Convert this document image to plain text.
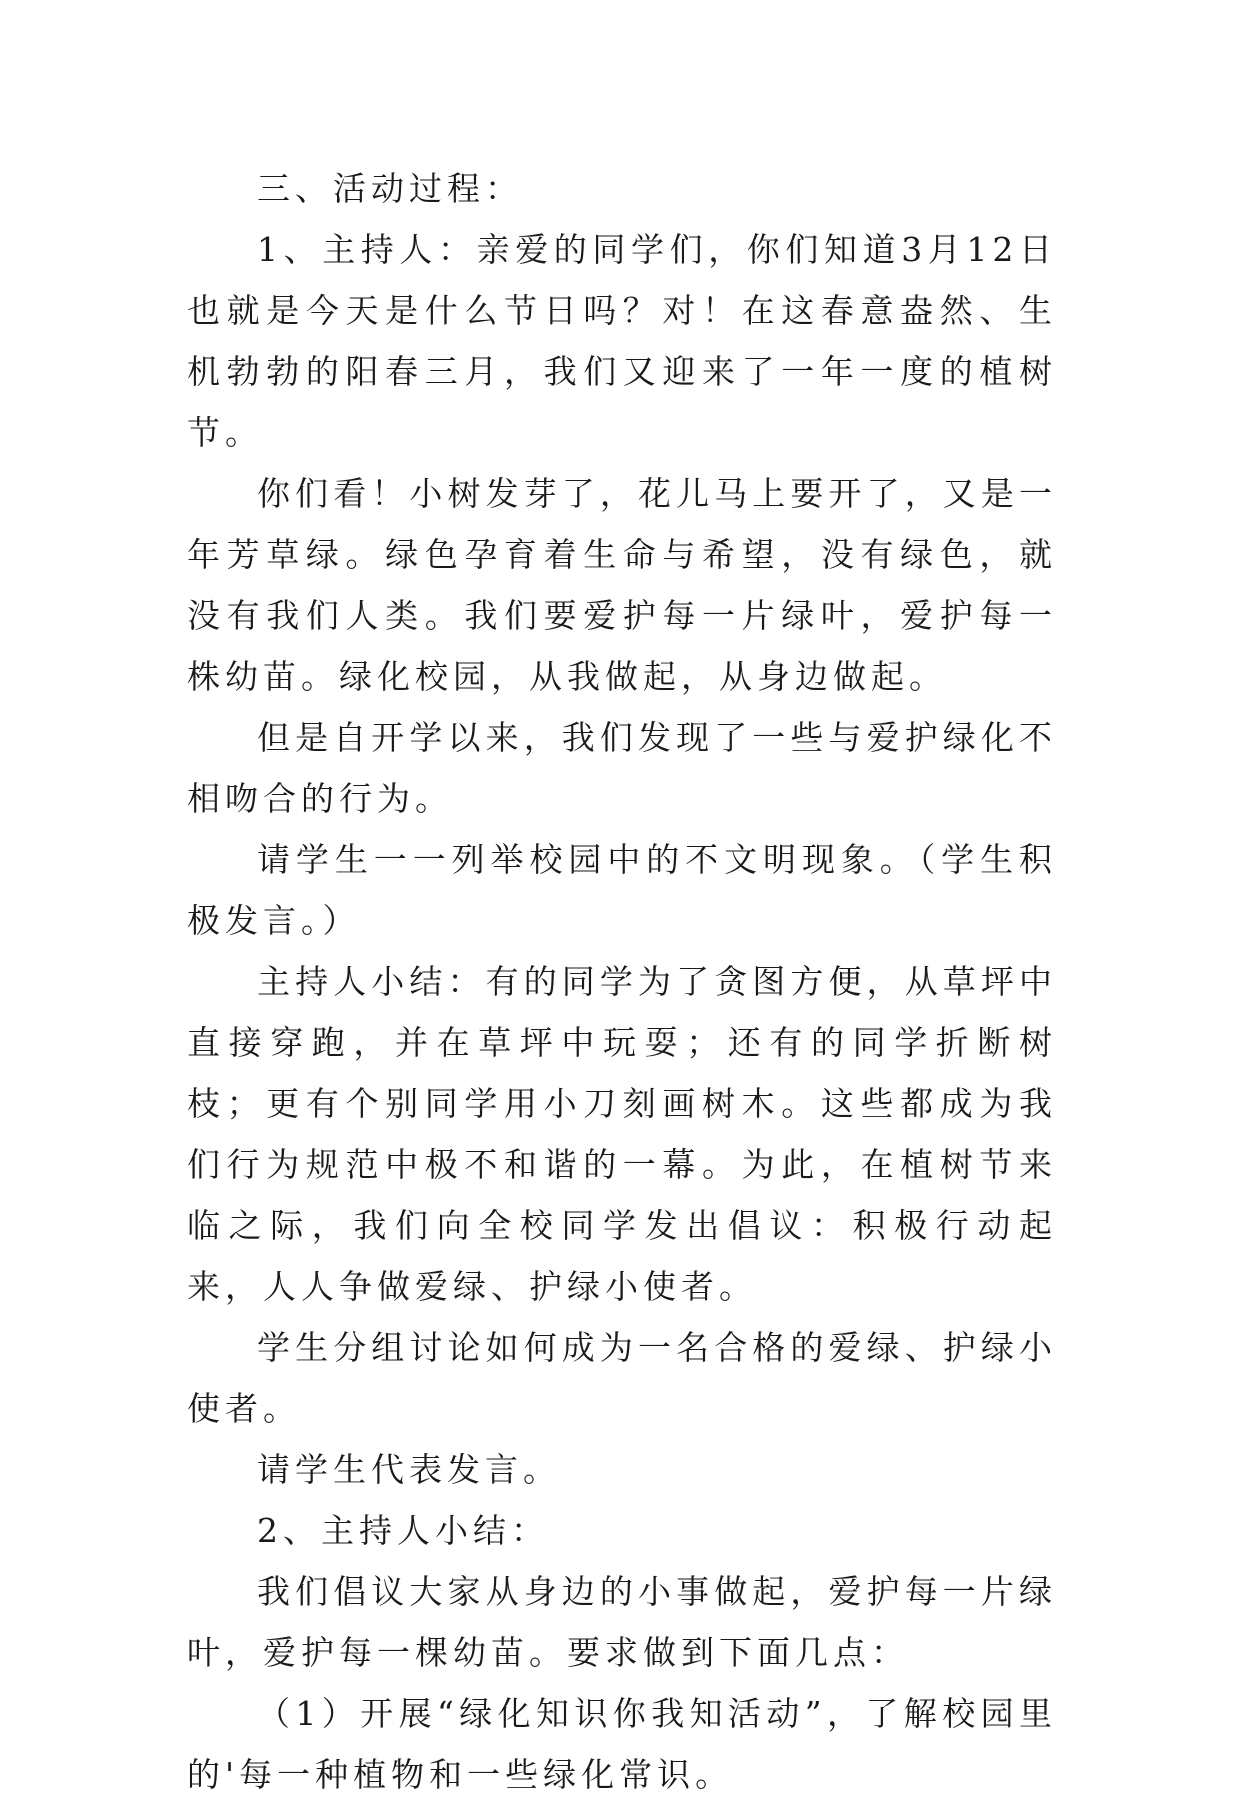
三、活动过程：

1、主持人：亲爱的同学们，你们知道3月12日也就是今天是什么节日吗？对！在这春意盎然、生机勃勃的阳春三月，我们又迎来了一年一度的植树节。

你们看！小树发芽了，花儿马上要开了，又是一年芳草绿。绿色孕育着生命与希望，没有绿色，就没有我们人类。我们要爱护每一片绿叶，爱护每一株幼苗。绿化校园，从我做起，从身边做起。

但是自开学以来，我们发现了一些与爱护绿化不相吻合的行为。

请学生一一列举校园中的不文明现象。（学生积极发言。）

主持人小结：有的同学为了贪图方便，从草坪中直接穿跑，并在草坪中玩耍；还有的同学折断树枝；更有个别同学用小刀刻画树木。这些都成为我们行为规范中极不和谐的一幕。为此，在植树节来临之际，我们向全校同学发出倡议：积极行动起来，人人争做爱绿、护绿小使者。

学生分组讨论如何成为一名合格的爱绿、护绿小使者。

请学生代表发言。

2、主持人小结：

我们倡议大家从身边的小事做起，爱护每一片绿叶，爱护每一棵幼苗。要求做到下面几点：

（1）开展“绿化知识你我知活动”，了解校园里的'每一种植物和一些绿化常识。
